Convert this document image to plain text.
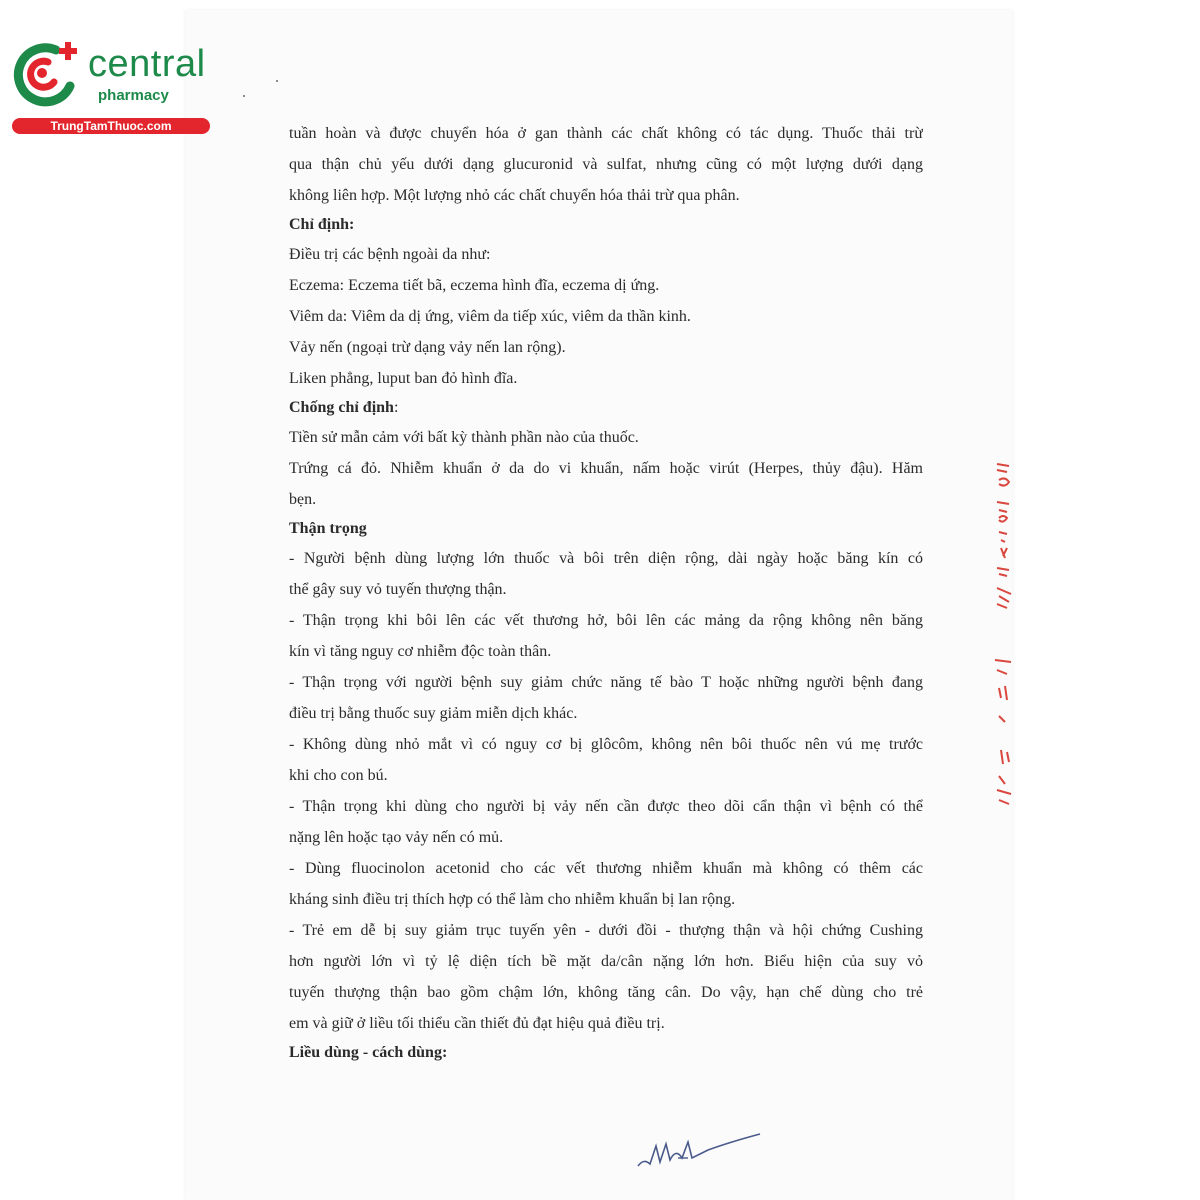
central
pharmacy
TrungTamThuoc.com	tuần hoàn và được chuyển hóa ở gan thành các chất không có tác dụng. Thuốc thải trừ
qua thận chủ yếu dưới dạng glucuronid và sulfat, nhưng cũng có một lượng dưới dạng
không liên hợp. Một lượng nhỏ các chất chuyển hóa thải trừ qua phân.
Chỉ định:
Điều trị các bệnh ngoài da như:
Eczema: Eczema tiết bã, eczema hình đĩa, eczema dị ứng.
Viêm da: Viêm da dị ứng, viêm da tiếp xúc, viêm da thần kinh.
Vảy nến (ngoại trừ dạng vảy nến lan rộng).
Liken phẳng, luput ban đỏ hình đĩa.
Chống chỉ định:
Tiền sử mẫn cảm với bất kỳ thành phần nào của thuốc.
Trứng cá đỏ. Nhiễm khuẩn ở da do vi khuẩn, nấm hoặc virút (Herpes, thủy đậu). Hăm
bẹn.
Thận trọng
- Người bệnh dùng lượng lớn thuốc và bôi trên diện rộng, dài ngày hoặc băng kín có
thể gây suy vỏ tuyến thượng thận.
- Thận trọng khi bôi lên các vết thương hở, bôi lên các mảng da rộng không nên băng
kín vì tăng nguy cơ nhiễm độc toàn thân.
- Thận trọng với người bệnh suy giảm chức năng tế bào T hoặc những người bệnh đang
điều trị bằng thuốc suy giảm miễn dịch khác.
- Không dùng nhỏ mắt vì có nguy cơ bị glôcôm, không nên bôi thuốc nên vú mẹ trước
khi cho con bú.
- Thận trọng khi dùng cho người bị vảy nến cần được theo dõi cẩn thận vì bệnh có thể
nặng lên hoặc tạo vảy nến có mủ.
- Dùng fluocinolon acetonid cho các vết thương nhiễm khuẩn mà không có thêm các
kháng sinh điều trị thích hợp có thể làm cho nhiễm khuẩn bị lan rộng.
- Trẻ em dễ bị suy giảm trục tuyến yên - dưới đồi - thượng thận và hội chứng Cushing
hơn người lớn vì tỷ lệ diện tích bề mặt da/cân nặng lớn hơn. Biểu hiện của suy vỏ
tuyến thượng thận bao gồm chậm lớn, không tăng cân. Do vậy, hạn chế dùng cho trẻ
em và giữ ở liều tối thiểu cần thiết đủ đạt hiệu quả điều trị.
Liều dùng - cách dùng:
